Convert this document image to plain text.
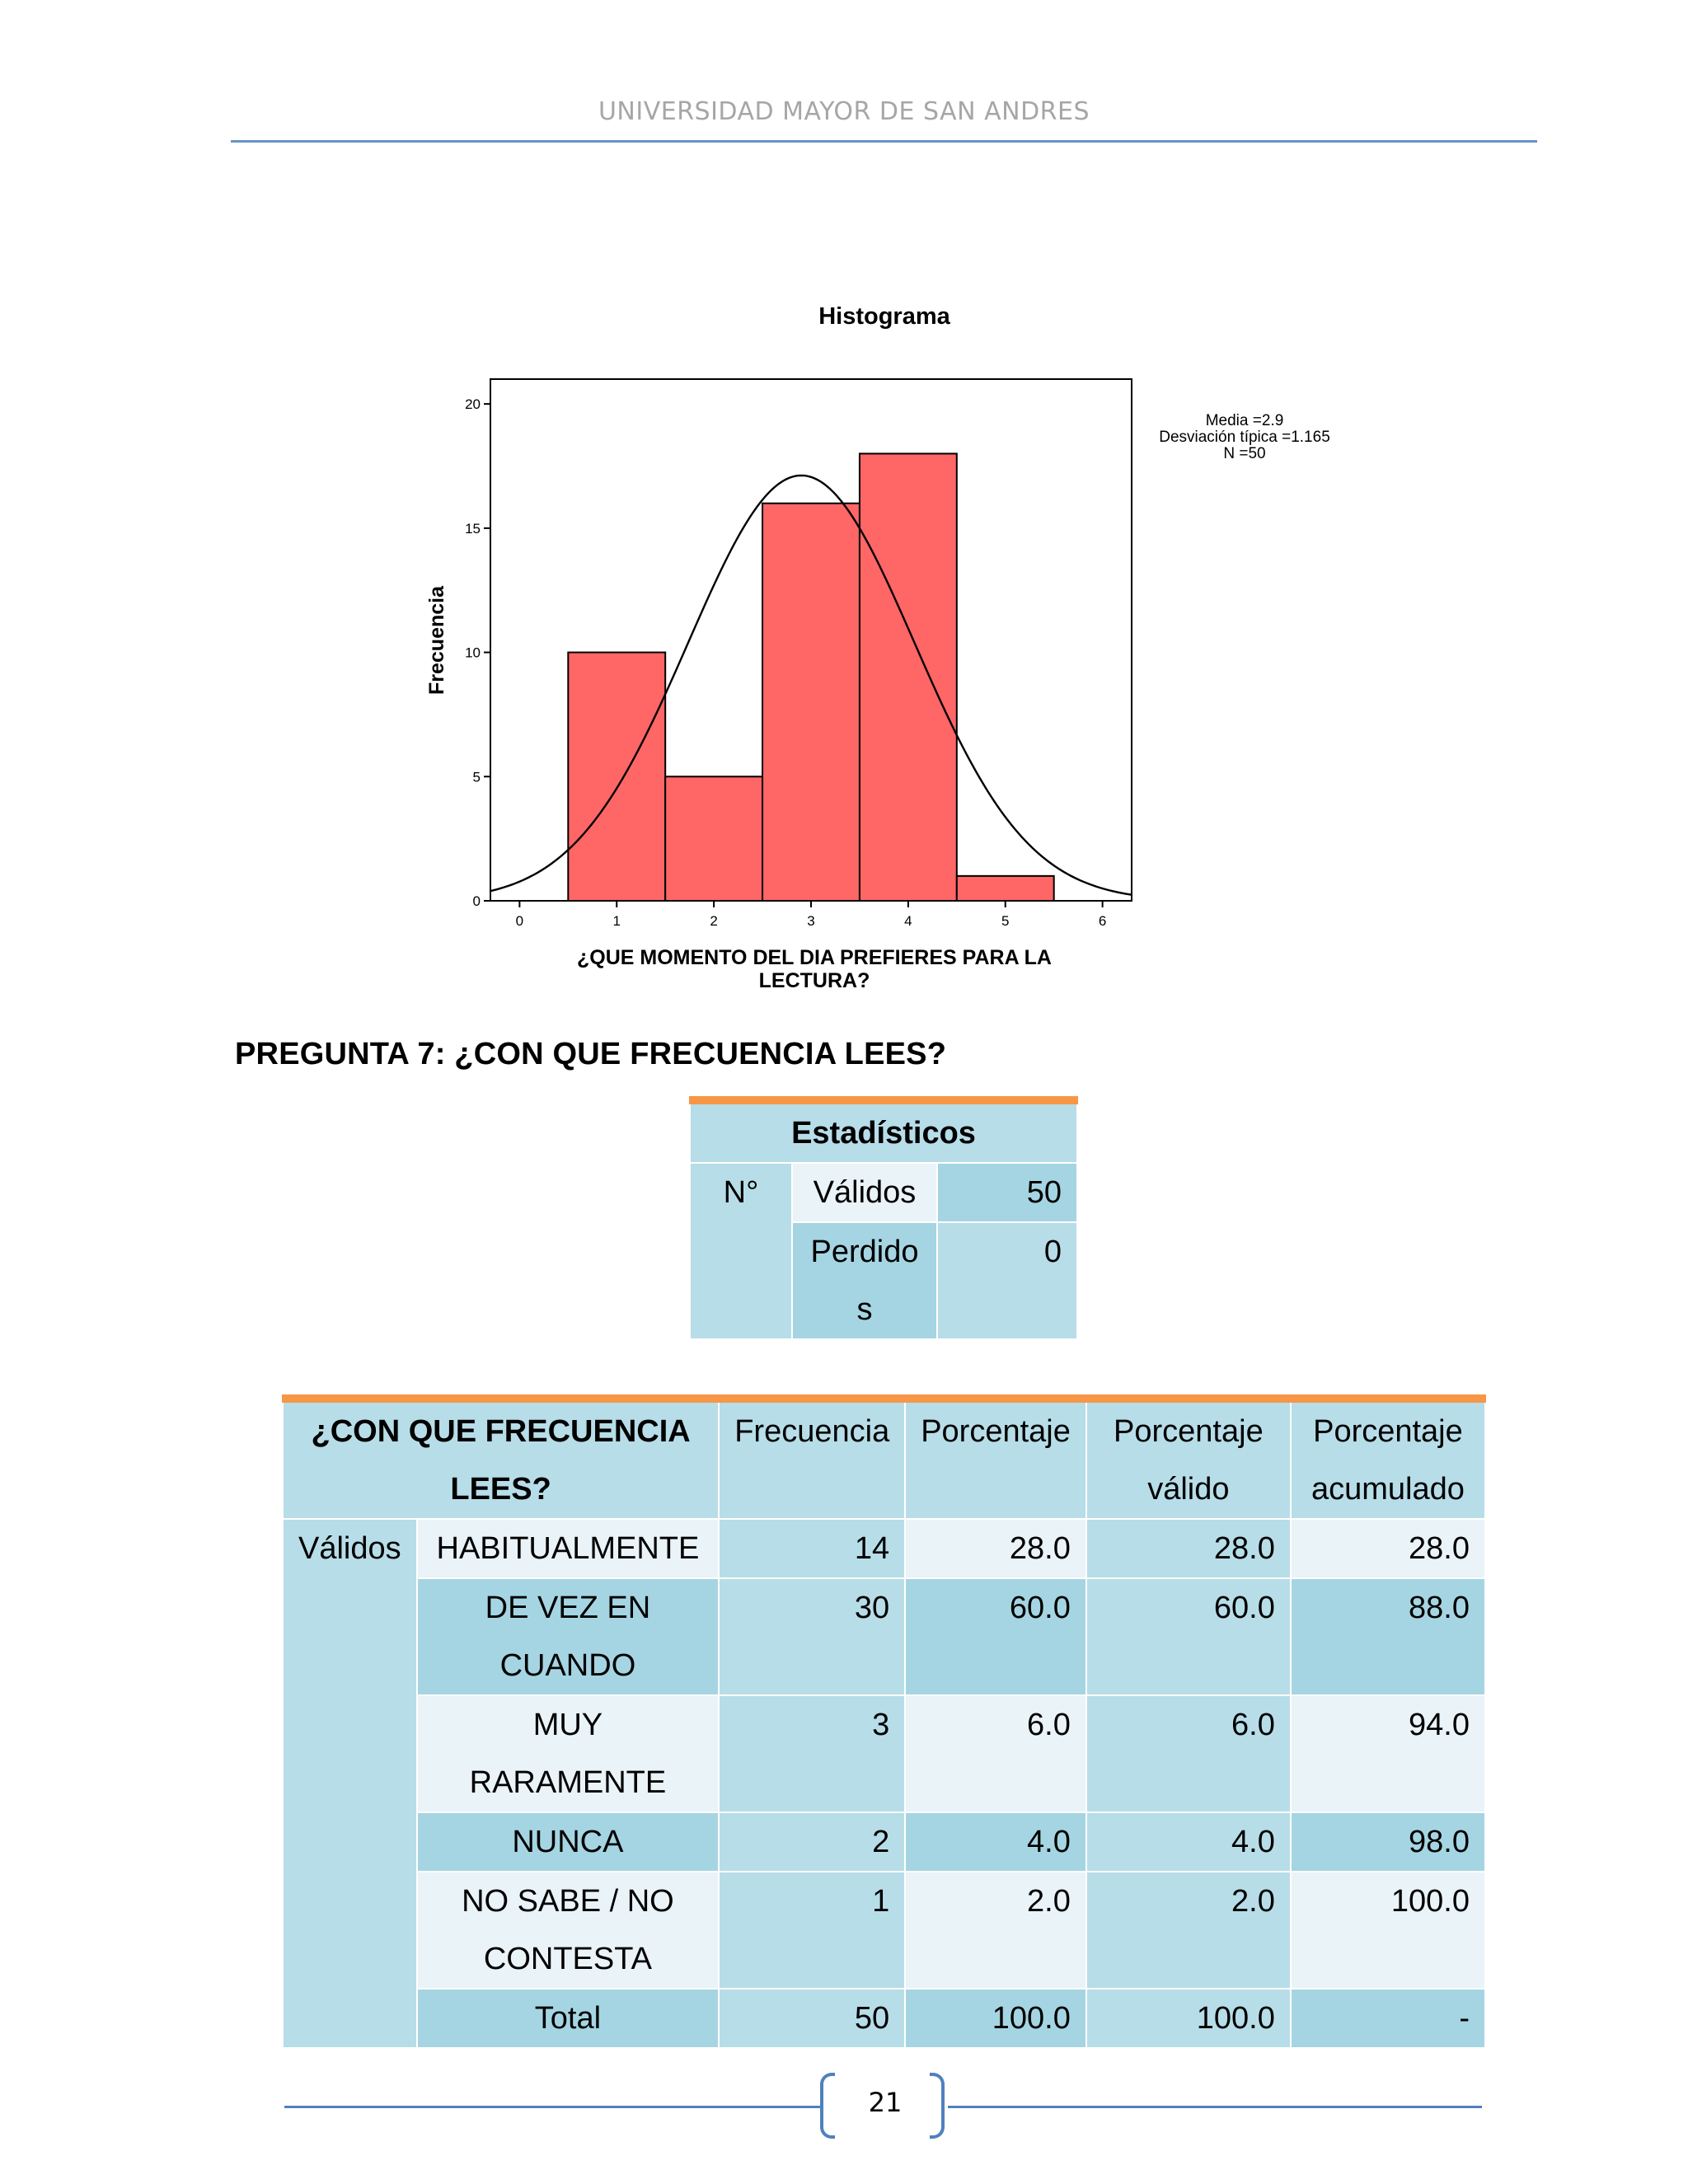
UNIVERSIDAD MAYOR DE SAN ANDRES
Histograma
0
5
10
15
20
0	1	2	3	4	5	6
Frecuencia
¿QUE MOMENTO DEL DIA PREFIERES PARA LA
LECTURA?
Media =2.9
Desviación típica =1.165
N =50
PREGUNTA 7: ¿CON QUE FRECUENCIA LEES?
Estadísticos		
N°	Válidos	50
	Perdido s	0
¿CON QUE FRECUENCIA LEES?		Frecuencia	Porcentaje	Porcentaje válido	Porcentaje acumulado
Válidos	HABITUALMENTE	14	28.0	28.0	28.0
	DE VEZ EN CUANDO	30	60.0	60.0	88.0
	MUY RARAMENTE	3	6.0	6.0	94.0
	NUNCA	2	4.0	4.0	98.0
	NO SABE / NO CONTESTA	1	2.0	2.0	100.0
	Total	50	100.0	100.0	-
21
